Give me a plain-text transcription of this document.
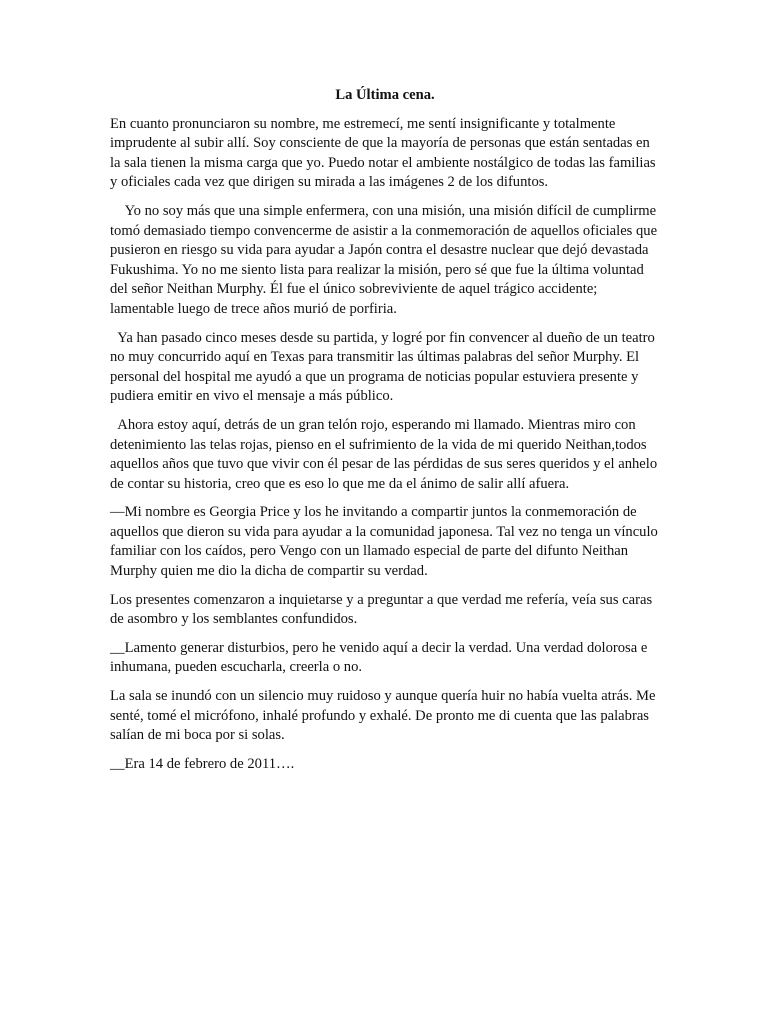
La Última cena.

En cuanto pronunciaron su nombre, me estremecí, me sentí insignificante y totalmente imprudente al subir allí. Soy consciente de que la mayoría de personas que están sentadas en la sala tienen la misma carga que yo. Puedo notar el ambiente nostálgico de todas las familias y oficiales cada vez que dirigen su mirada a las imágenes 2 de los difuntos.

Yo no soy más que una simple enfermera, con una misión, una misión difícil de cumplirme tomó demasiado tiempo convencerme de asistir a la conmemoración de aquellos oficiales que pusieron en riesgo su vida para ayudar a Japón contra el desastre nuclear que dejó devastada Fukushima. Yo no me siento lista para realizar la misión, pero sé que fue la última voluntad del señor Neithan Murphy. Él fue el único sobreviviente de aquel trágico accidente; lamentable luego de trece años murió de porfiria.

Ya han pasado cinco meses desde su partida, y logré por fin convencer al dueño de un teatro no muy concurrido aquí en Texas para transmitir las últimas palabras del señor Murphy. El personal del hospital me ayudó a que un programa de noticias popular estuviera presente y pudiera emitir en vivo el mensaje a más público.

Ahora estoy aquí, detrás de un gran telón rojo, esperando mi llamado. Mientras miro con detenimiento las telas rojas, pienso en el sufrimiento de la vida de mi querido Neithan,todos aquellos años que tuvo que vivir con él pesar de las pérdidas de sus seres queridos y el anhelo de contar su historia, creo que es eso lo que me da el ánimo de salir allí afuera.

—Mi nombre es Georgia Price y los he invitando a compartir juntos la conmemoración de aquellos que dieron su vida para ayudar a la comunidad japonesa. Tal vez no tenga un vínculo familiar con los caídos, pero Vengo con un llamado especial de parte del difunto Neithan Murphy quien me dio la dicha de compartir su verdad.

Los presentes comenzaron a inquietarse y a preguntar a que verdad me refería, veía sus caras de asombro y los semblantes confundidos.

__Lamento generar disturbios, pero he venido aquí a decir la verdad. Una verdad dolorosa e inhumana, pueden escucharla, creerla o no.

La sala se inundó con un silencio muy ruidoso y aunque quería huir no había vuelta atrás. Me senté, tomé el micrófono, inhalé profundo y exhalé. De pronto me di cuenta que las palabras salían de mi boca por si solas.

__Era 14 de febrero de 2011….
